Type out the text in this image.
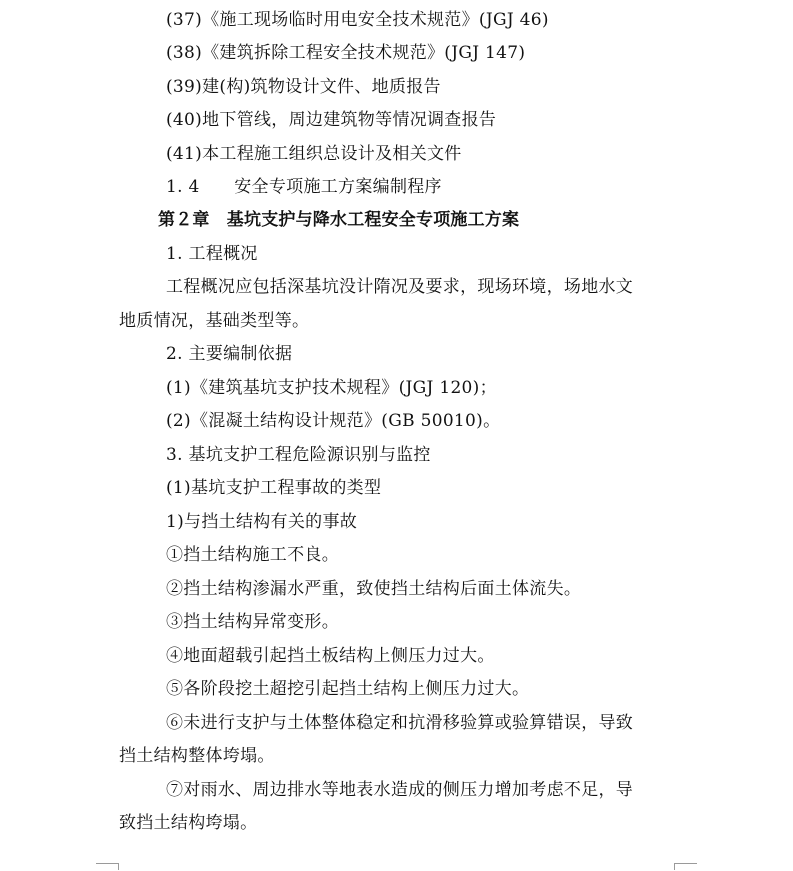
(37)《施工现场临时用电安全技术规范》(JGJ 46)
(38)《建筑拆除工程安全技术规范》(JGJ 147)
(39)建(构)筑物设计文件、地质报告
(40)地下管线，周边建筑物等情况调查报告
(41)本工程施工组织总设计及相关文件
1. 4　　安全专项施工方案编制程序
第２章　基坑支护与降水工程安全专项施工方案
1. 工程概况
工程概况应包括深基坑没计隋况及要求，现场环境，场地水文
地质情况，基础类型等。
2. 主要编制依据
(1)《建筑基坑支护技术规程》(JGJ 120)；
(2)《混凝土结构设计规范》(GB 50010)。
3. 基坑支护工程危险源识别与监控
(1)基坑支护工程事故的类型
1)与挡土结构有关的事故
①挡土结构施工不良。
②挡土结构渗漏水严重，致使挡土结构后面土体流失。
③挡土结构异常变形。
④地面超载引起挡土板结构上侧压力过大。
⑤各阶段挖土超挖引起挡土结构上侧压力过大。
⑥未进行支护与土体整体稳定和抗滑移验算或验算错误，导致
挡土结构整体垮塌。
⑦对雨水、周边排水等地表水造成的侧压力增加考虑不足，导
致挡土结构垮塌。
